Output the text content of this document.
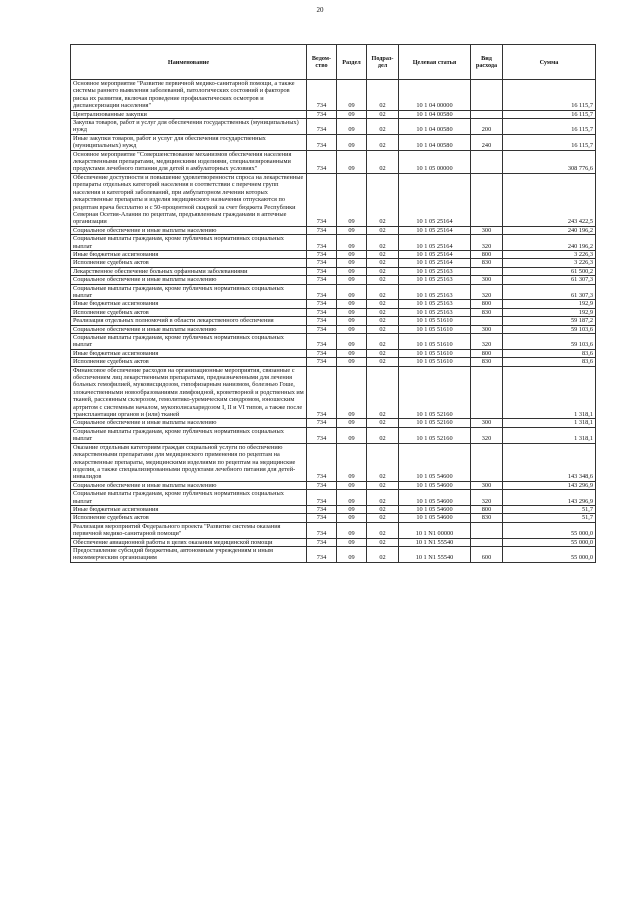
20
Наименование	Ведом-ство	Раздел	Подраз-дел	Целевая статья	Вид расхода	Сумма
Основное мероприятие "Развитие первичной медико-санитарной помощи, а также системы раннего выявления заболеваний, патологических состояний и факторов риска их развития, включая проведение профилактических осмотров и диспансеризации населения"	734	09	02	10 1 04 00000		16 115,7
Централизованные закупки	734	09	02	10 1 04 00580		16 115,7
Закупка товаров, работ и услуг для обеспечения государственных (муниципальных) нужд	734	09	02	10 1 04 00580	200	16 115,7
Иные закупки товаров, работ и услуг для обеспечения государственных (муниципальных) нужд	734	09	02	10 1 04 00580	240	16 115,7
Основное мероприятие "Совершенствование механизмов обеспечения населения лекарственными препаратами, медицинскими изделиями, специализированными продуктами лечебного питания для детей в амбулаторных условиях"	734	09	02	10 1 05 00000		308 776,6
Обеспечение доступности и повышение удовлетворенности спроса на лекарственные препараты отдельных категорий населения в соответствии с перечнем групп населения и категорий заболеваний, при амбулаторном лечении которых лекарственные препараты и изделия медицинского назначения отпускаются по рецептам врача бесплатно и с 50-процентной скидкой за счет бюджета Республики Северная Осетия-Алания по рецептам, предъявленным гражданами в аптечные организации	734	09	02	10 1 05 25164		243 422,5
Социальное обеспечение и иные выплаты населению	734	09	02	10 1 05 25164	300	240 196,2
Социальные выплаты гражданам, кроме публичных нормативных социальных выплат	734	09	02	10 1 05 25164	320	240 196,2
Иные бюджетные ассигнования	734	09	02	10 1 05 25164	800	3 226,3
Исполнение судебных актов	734	09	02	10 1 05 25164	830	3 226,3
Лекарственное обеспечение больных орфанными заболеваниями	734	09	02	10 1 05 25163		61 500,2
Социальное обеспечение и иные выплаты населению	734	09	02	10 1 05 25163	300	61 307,3
Социальные выплаты гражданам, кроме публичных нормативных социальных выплат	734	09	02	10 1 05 25163	320	61 307,3
Иные бюджетные ассигнования	734	09	02	10 1 05 25163	800	192,9
Исполнение судебных актов	734	09	02	10 1 05 25163	830	192,9
Реализация отдельных полномочий в области лекарственного обеспечения	734	09	02	10 1 05 51610		59 187,2
Социальное обеспечение и иные выплаты населению	734	09	02	10 1 05 51610	300	59 103,6
Социальные выплаты гражданам, кроме публичных нормативных социальных выплат	734	09	02	10 1 05 51610	320	59 103,6
Иные бюджетные ассигнования	734	09	02	10 1 05 51610	800	83,6
Исполнение судебных актов	734	09	02	10 1 05 51610	830	83,6
Финансовое обеспечение расходов на организационные мероприятия, связанные с обеспечением лиц лекарственными препаратами, предназначенными для лечения больных гемофилией, муковисцидозом, гипофизарным нанизмом, болезнью Гоше, злокачественными новообразованиями лимфоидной, кроветворной и родственных им тканей, рассеянным склерозом, гемолитико-уремическим синдромом, юношеским артритом с системным началом, мукополисахаридозом I, II и VI типов, а также после трансплантации органов и (или) тканей	734	09	02	10 1 05 52160		1 318,1
Социальное обеспечение и иные выплаты населению	734	09	02	10 1 05 52160	300	1 318,1
Социальные выплаты гражданам, кроме публичных нормативных социальных выплат	734	09	02	10 1 05 52160	320	1 318,1
Оказание отдельным категориям граждан социальной услуги по обеспечению лекарственными препаратами для медицинского применения по рецептам на лекарственные препараты, медицинскими изделиями по рецептам на медицинские изделия, а также специализированными продуктами лечебного питания для детей-инвалидов	734	09	02	10 1 05 54600		143 348,6
Социальное обеспечение и иные выплаты населению	734	09	02	10 1 05 54600	300	143 296,9
Социальные выплаты гражданам, кроме публичных нормативных социальных выплат	734	09	02	10 1 05 54600	320	143 296,9
Иные бюджетные ассигнования	734	09	02	10 1 05 54600	800	51,7
Исполнение судебных актов	734	09	02	10 1 05 54600	830	51,7
Реализация мероприятий Федерального проекта "Развитие системы оказания первичной медико-санитарной помощи"	734	09	02	10 1 N1 00000		55 000,0
Обеспечение авиационной работы в целях оказания медицинской помощи	734	09	02	10 1 N1 55540		55 000,0
Предоставление субсидий бюджетным, автономным учреждениям и иным некоммерческим организациям	734	09	02	10 1 N1 55540	600	55 000,0
